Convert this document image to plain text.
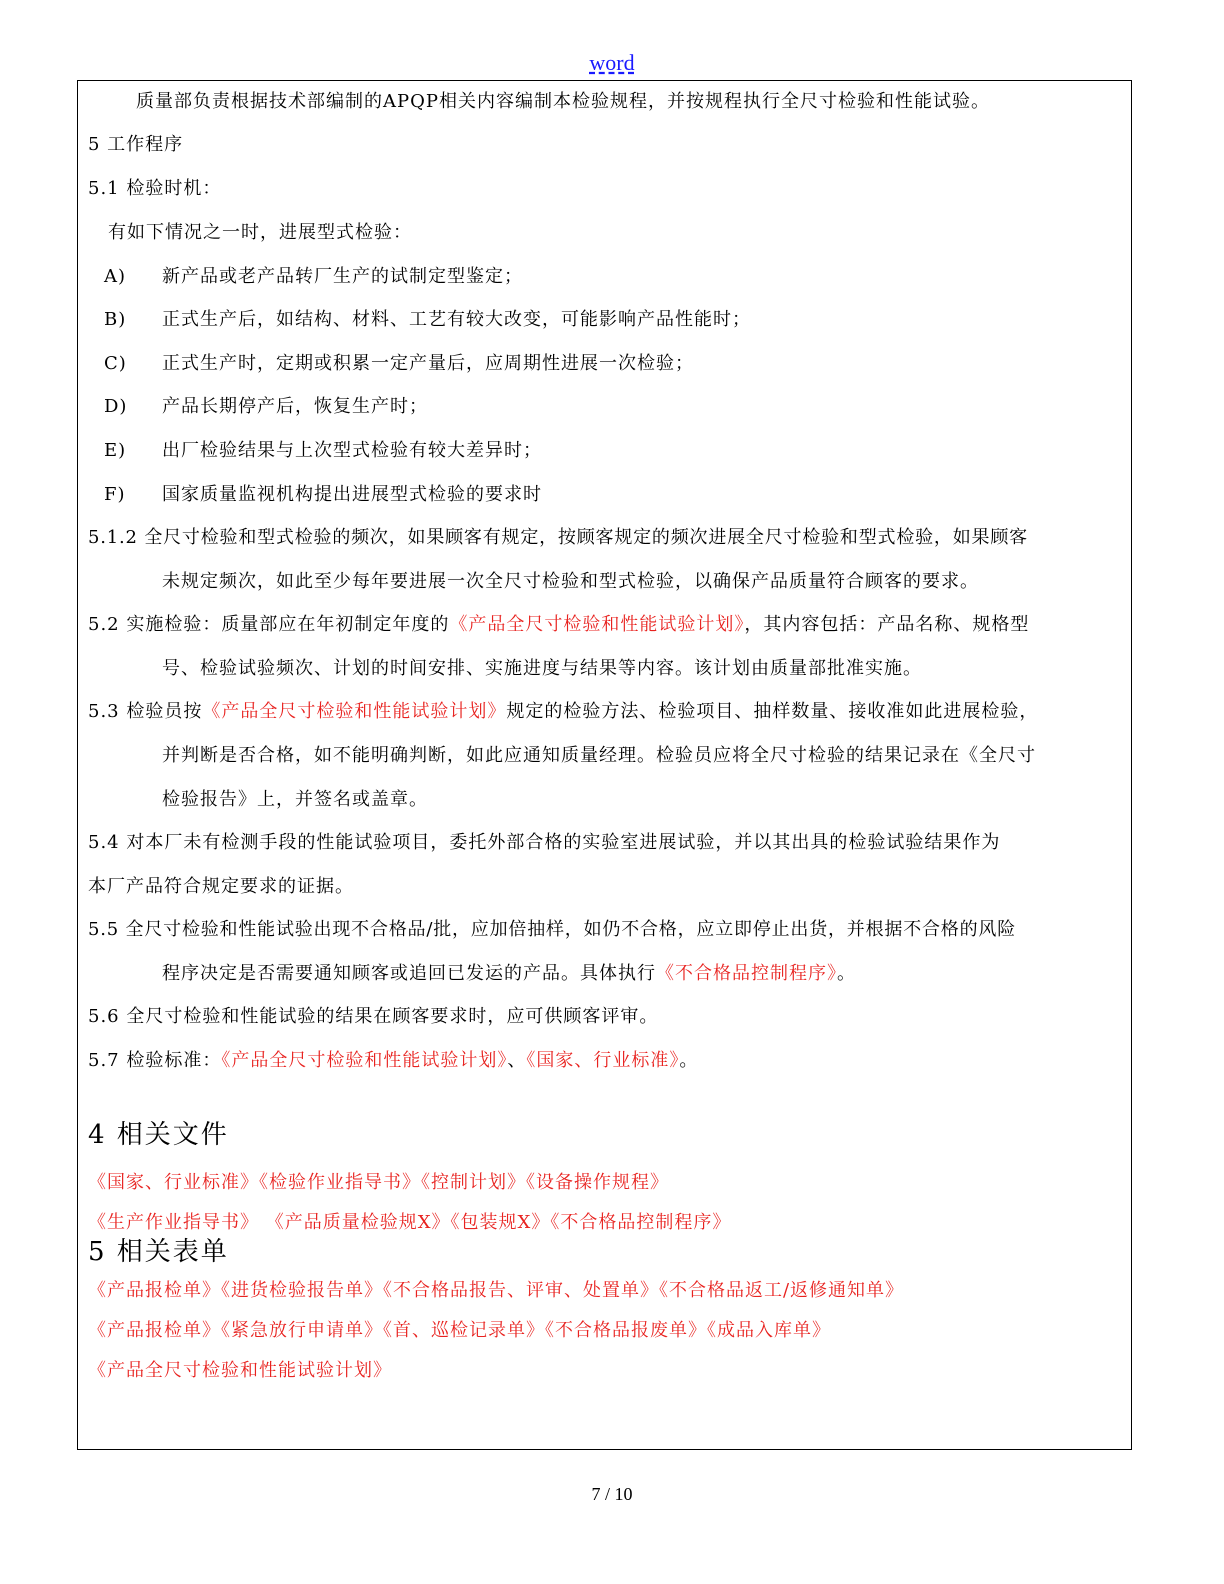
word
质量部负责根据技术部编制的APQP相关内容编制本检验规程，并按规程执行全尺寸检验和性能试验。
5 工作程序
5.1 检验时机：
有如下情况之一时，进展型式检验：
A) 新产品或老产品转厂生产的试制定型鉴定；
B) 正式生产后，如结构、材料、工艺有较大改变，可能影响产品性能时；
C) 正式生产时，定期或积累一定产量后，应周期性进展一次检验；
D) 产品长期停产后，恢复生产时；
E) 出厂检验结果与上次型式检验有较大差异时；
F) 国家质量监视机构提出进展型式检验的要求时
5.1.2 全尺寸检验和型式检验的频次，如果顾客有规定，按顾客规定的频次进展全尺寸检验和型式检验，如果顾客
未规定频次，如此至少每年要进展一次全尺寸检验和型式检验，以确保产品质量符合顾客的要求。
5.2 实施检验：质量部应在年初制定年度的《产品全尺寸检验和性能试验计划》，其内容包括：产品名称、规格型
号、检验试验频次、计划的时间安排、实施进度与结果等内容。该计划由质量部批准实施。
5.3 检验员按《产品全尺寸检验和性能试验计划》规定的检验方法、检验项目、抽样数量、接收准如此进展检验，
并判断是否合格，如不能明确判断，如此应通知质量经理。检验员应将全尺寸检验的结果记录在《全尺寸
检验报告》上，并签名或盖章。
5.4 对本厂未有检测手段的性能试验项目，委托外部合格的实验室进展试验，并以其出具的检验试验结果作为
本厂产品符合规定要求的证据。
5.5 全尺寸检验和性能试验出现不合格品/批，应加倍抽样，如仍不合格，应立即停止出货，并根据不合格的风险
程序决定是否需要通知顾客或追回已发运的产品。具体执行《不合格品控制程序》。
5.6 全尺寸检验和性能试验的结果在顾客要求时，应可供顾客评审。
5.7 检验标准：《产品全尺寸检验和性能试验计划》、《国家、行业标准》。
4 相关文件
《国家、行业标准》《检验作业指导书》《控制计划》《设备操作规程》
《生产作业指导书》 《产品质量检验规X》《包装规X》《不合格品控制程序》
5 相关表单
《产品报检单》《进货检验报告单》《不合格品报告、评审、处置单》《不合格品返工/返修通知单》
《产品报检单》《紧急放行申请单》《首、巡检记录单》《不合格品报废单》《成品入库单》
《产品全尺寸检验和性能试验计划》
7 / 10
